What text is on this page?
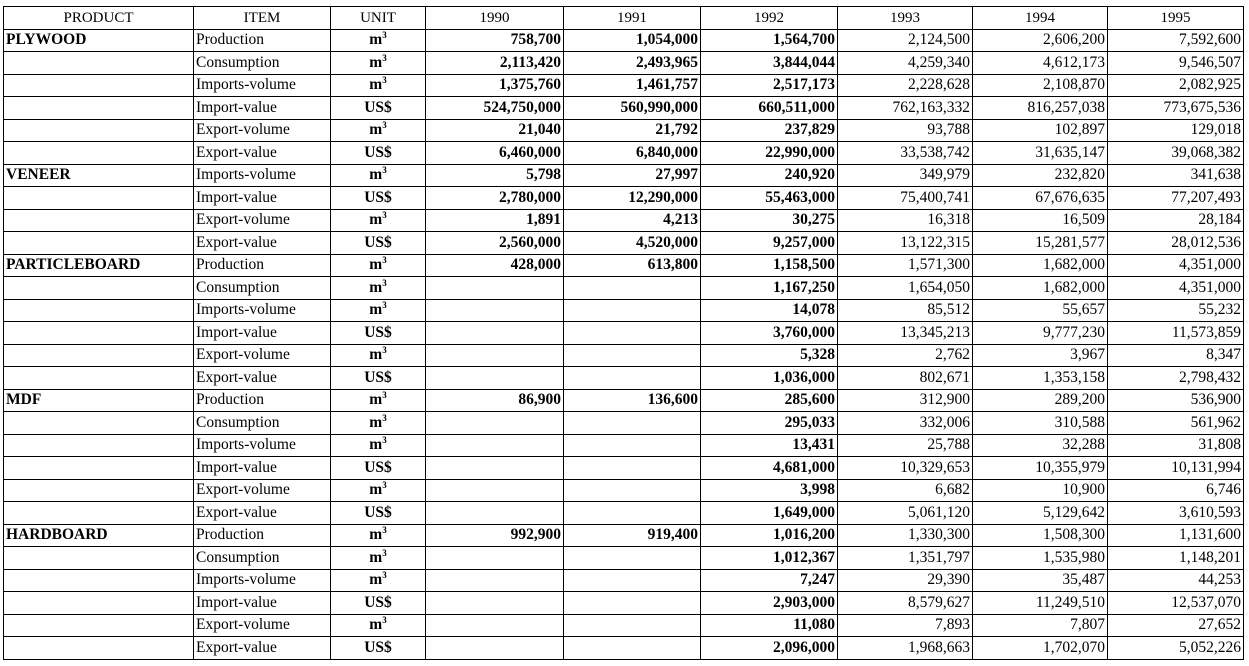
PRODUCT	ITEM	UNIT	1990	1991	1992	1993	1994	1995
PLYWOOD	Production	$m^3$	758,700	1,054,000	1,564,700	2,124,500	2,606,200	7,592,600
	Consumption	$m^3$	2,113,420	2,493,965	3,844,044	4,259,340	4,612,173	9,546,507
	Imports-volume	$m^3$	1,375,760	1,461,757	2,517,173	2,228,628	2,108,870	2,082,925
	Import-value	US$	524,750,000	560,990,000	660,511,000	762,163,332	816,257,038	773,675,536
	Export-volume	$m^3$	21,040	21,792	237,829	93,788	102,897	129,018
	Export-value	US$	6,460,000	6,840,000	22,990,000	33,538,742	31,635,147	39,068,382
VENEER	Imports-volume	$m^3$	5,798	27,997	240,920	349,979	232,820	341,638
	Import-value	US$	2,780,000	12,290,000	55,463,000	75,400,741	67,676,635	77,207,493
	Export-volume	$m^3$	1,891	4,213	30,275	16,318	16,509	28,184
	Export-value	US$	2,560,000	4,520,000	9,257,000	13,122,315	15,281,577	28,012,536
PARTICLEBOARD	Production	$m^3$	428,000	613,800	1,158,500	1,571,300	1,682,000	4,351,000
	Consumption	$m^3$			1,167,250	1,654,050	1,682,000	4,351,000
	Imports-volume	$m^3$			14,078	85,512	55,657	55,232
	Import-value	US$			3,760,000	13,345,213	9,777,230	11,573,859
	Export-volume	$m^3$			5,328	2,762	3,967	8,347
	Export-value	US$			1,036,000	802,671	1,353,158	2,798,432
MDF	Production	$m^3$	86,900	136,600	285,600	312,900	289,200	536,900
	Consumption	$m^3$			295,033	332,006	310,588	561,962
	Imports-volume	$m^3$			13,431	25,788	32,288	31,808
	Import-value	US$			4,681,000	10,329,653	10,355,979	10,131,994
	Export-volume	$m^3$			3,998	6,682	10,900	6,746
	Export-value	US$			1,649,000	5,061,120	5,129,642	3,610,593
HARDBOARD	Production	$m^3$	992,900	919,400	1,016,200	1,330,300	1,508,300	1,131,600
	Consumption	$m^3$			1,012,367	1,351,797	1,535,980	1,148,201
	Imports-volume	$m^3$			7,247	29,390	35,487	44,253
	Import-value	US$			2,903,000	8,579,627	11,249,510	12,537,070
	Export-volume	$m^3$			11,080	7,893	7,807	27,652
	Export-value	US$			2,096,000	1,968,663	1,702,070	5,052,226
